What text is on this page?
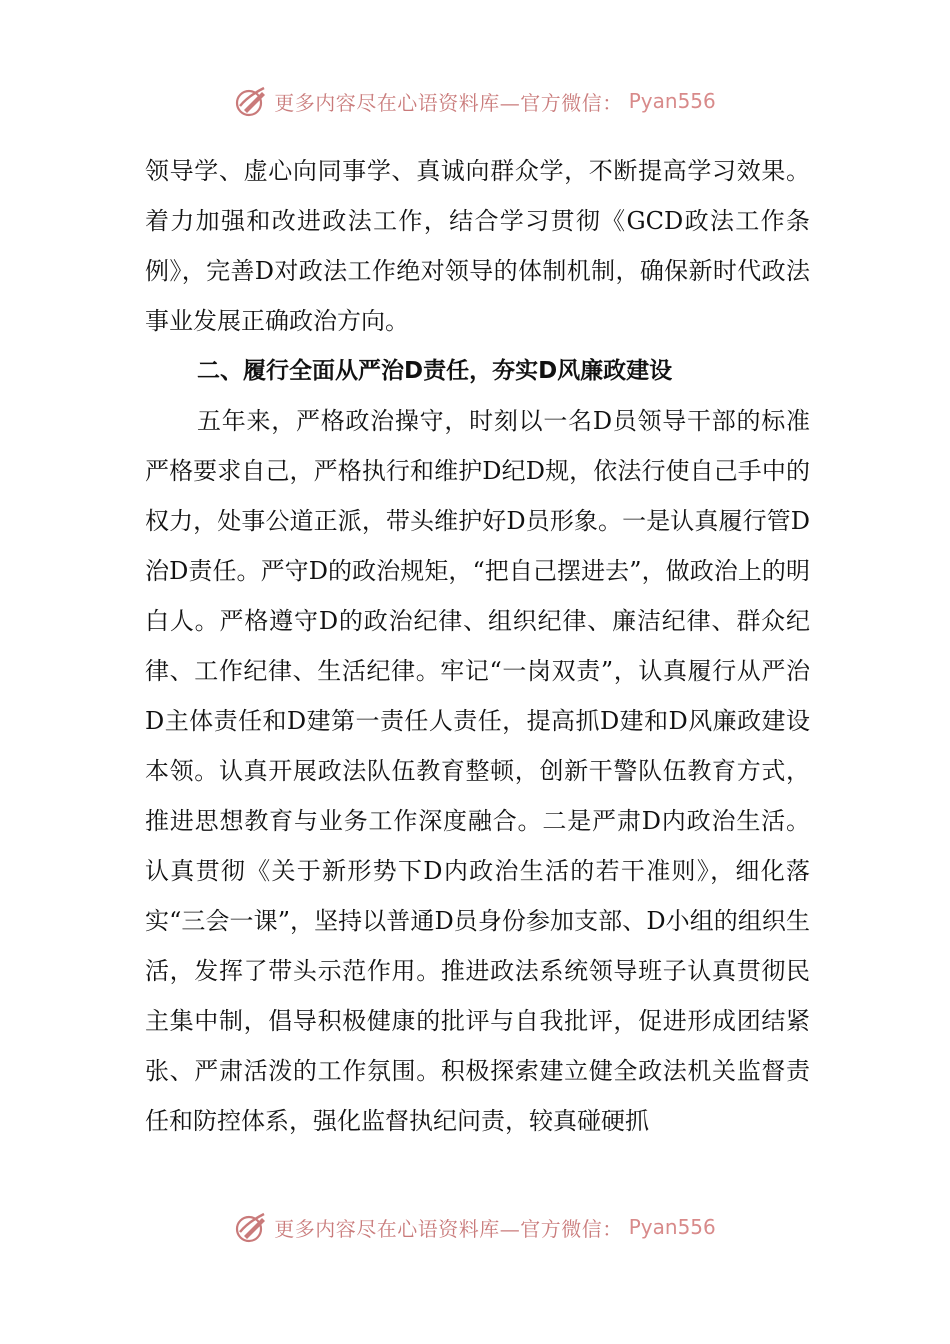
更多内容尽在心语资料库—官方微信： Pyan556

领导学、虚心向同事学、真诚向群众学，不断提高学习效果。着力加强和改进政法工作，结合学习贯彻《GCD政法工作条例》，完善D对政法工作绝对领导的体制机制，确保新时代政法事业发展正确政治方向。

二、履行全面从严治D责任，夯实D风廉政建设

五年来，严格政治操守，时刻以一名D员领导干部的标准严格要求自己，严格执行和维护D纪D规，依法行使自己手中的权力，处事公道正派，带头维护好D员形象。一是认真履行管D治D责任。严守D的政治规矩，“把自己摆进去”，做政治上的明白人。严格遵守D的政治纪律、组织纪律、廉洁纪律、群众纪律、工作纪律、生活纪律。牢记“一岗双责”，认真履行从严治D主体责任和D建第一责任人责任，提高抓D建和D风廉政建设本领。认真开展政法队伍教育整顿，创新干警队伍教育方式，推进思想教育与业务工作深度融合。二是严肃D内政治生活。认真贯彻《关于新形势下D内政治生活的若干准则》，细化落实“三会一课”，坚持以普通D员身份参加支部、D小组的组织生活，发挥了带头示范作用。推进政法系统领导班子认真贯彻民主集中制，倡导积极健康的批评与自我批评，促进形成团结紧张、严肃活泼的工作氛围。积极探索建立健全政法机关监督责任和防控体系，强化监督执纪问责，较真碰硬抓

更多内容尽在心语资料库—官方微信： Pyan556
